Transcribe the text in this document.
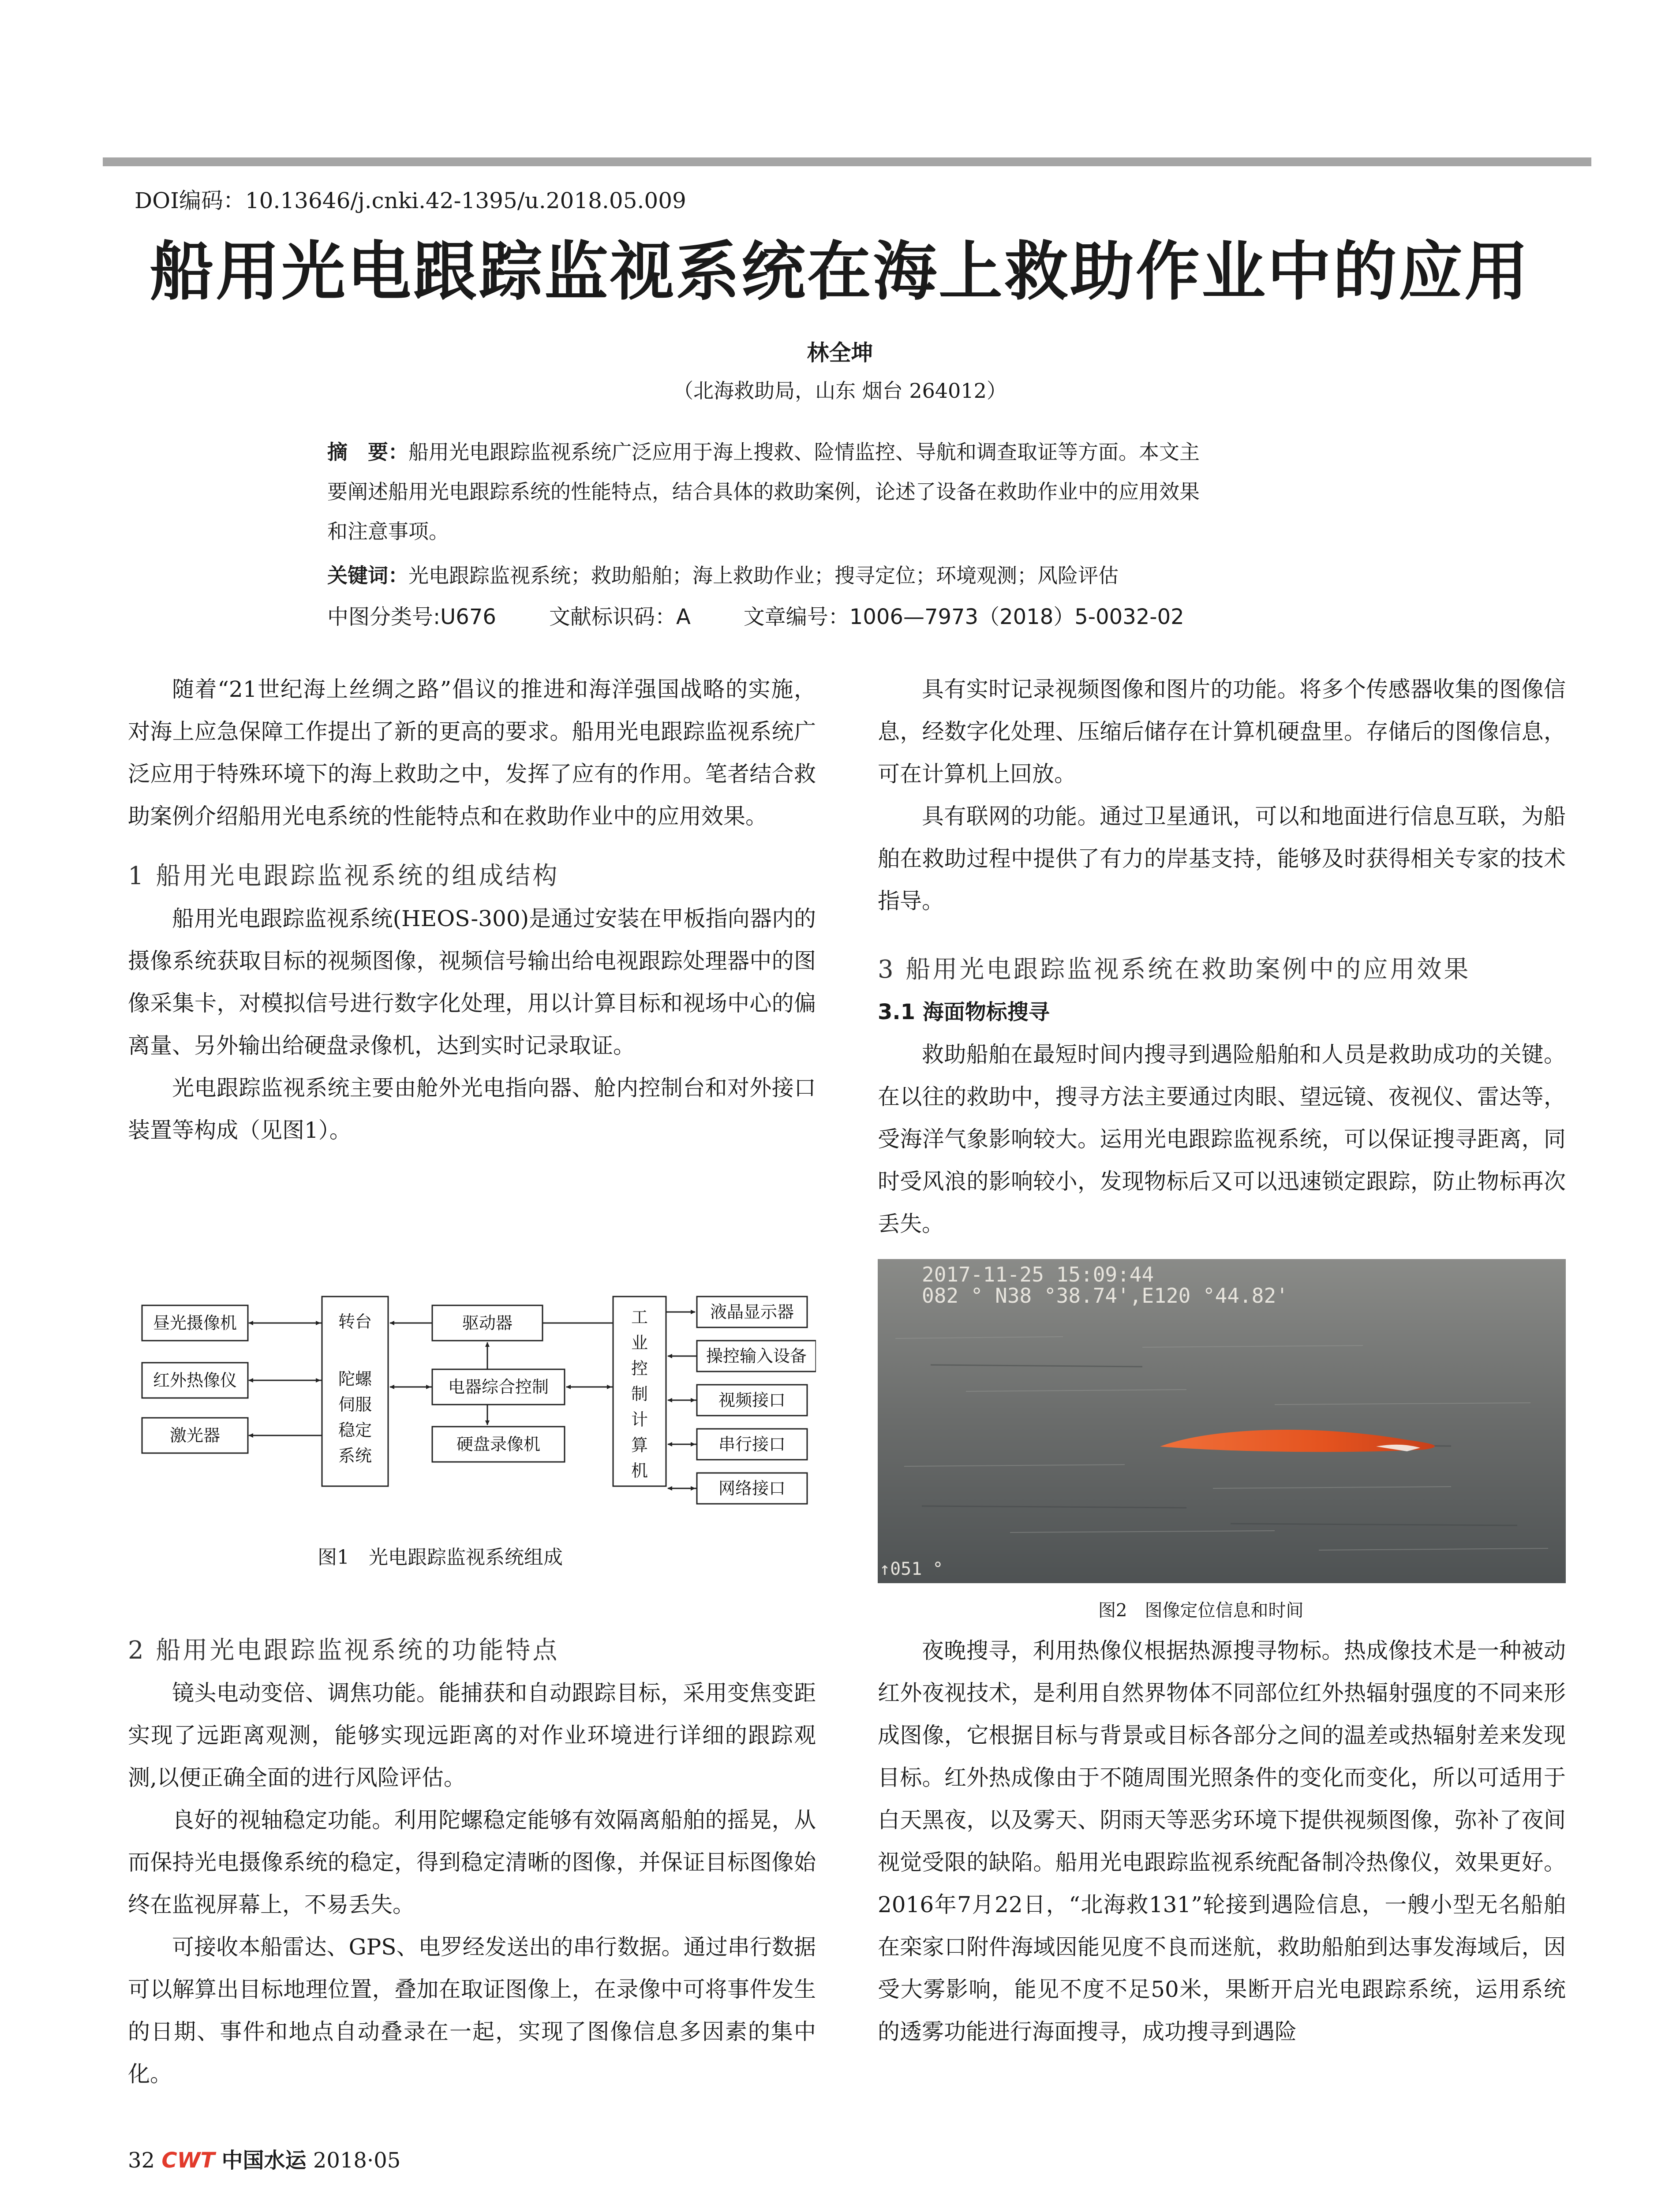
DOI编码：10.13646/j.cnki.42-1395/u.2018.05.009
船用光电跟踪监视系统在海上救助作业中的应用
林全坤
（北海救助局，山东 烟台 264012）
摘　要：船用光电跟踪监视系统广泛应用于海上搜救、险情监控、导航和调查取证等方面。本文主
要阐述船用光电跟踪系统的性能特点，结合具体的救助案例，论述了设备在救助作业中的应用效果
和注意事项。
关键词：光电跟踪监视系统；救助船舶；海上救助作业；搜寻定位；环境观测；风险评估
中图分类号:U676	文献标识码：A	文章编号：1006—7973（2018）5-0032-02

随着“21世纪海上丝绸之路”倡议的推进和海洋强国战略的实施，对海上应急保障工作提出了新的更高的要求。船用光电跟踪监视系统广泛应用于特殊环境下的海上救助之中，发挥了应有的作用。笔者结合救助案例介绍船用光电系统的性能特点和在救助作业中的应用效果。

1 船用光电跟踪监视系统的组成结构

船用光电跟踪监视系统(HEOS-300)是通过安装在甲板指向器内的摄像系统获取目标的视频图像，视频信号输出给电视跟踪处理器中的图像采集卡，对模拟信号进行数字化处理，用以计算目标和视场中心的偏离量、另外输出给硬盘录像机，达到实时记录取证。

光电跟踪监视系统主要由舱外光电指向器、舱内控制台和对外接口装置等构成（见图1）。

昼光摄像机
红外热像仪
激光器
转台	驱动器
电器综合控制
硬盘录像机
液晶显示器
操控输入设备
视频接口
串行接口
网络接口
陀螺
伺服
稳定
系统
工
业
控
制
计
算
机
图1　光电跟踪监视系统组成

2 船用光电跟踪监视系统的功能特点

镜头电动变倍、调焦功能。能捕获和自动跟踪目标，采用变焦变距实现了远距离观测，能够实现远距离的对作业环境进行详细的跟踪观测,以便正确全面的进行风险评估。

良好的视轴稳定功能。利用陀螺稳定能够有效隔离船舶的摇晃，从而保持光电摄像系统的稳定，得到稳定清晰的图像，并保证目标图像始终在监视屏幕上，不易丢失。

可接收本船雷达、GPS、电罗经发送出的串行数据。通过串行数据可以解算出目标地理位置，叠加在取证图像上，在录像中可将事件发生的日期、事件和地点自动叠录在一起，实现了图像信息多因素的集中化。

具有实时记录视频图像和图片的功能。将多个传感器收集的图像信息，经数字化处理、压缩后储存在计算机硬盘里。存储后的图像信息，可在计算机上回放。

具有联网的功能。通过卫星通讯，可以和地面进行信息互联，为船舶在救助过程中提供了有力的岸基支持，能够及时获得相关专家的技术指导。

3 船用光电跟踪监视系统在救助案例中的应用效果

3.1 海面物标搜寻

救助船舶在最短时间内搜寻到遇险船舶和人员是救助成功的关键。在以往的救助中，搜寻方法主要通过肉眼、望远镜、夜视仪、雷达等，受海洋气象影响较大。运用光电跟踪监视系统，可以保证搜寻距离，同时受风浪的影响较小，发现物标后又可以迅速锁定跟踪，防止物标再次丢失。

2017-11-25 15:09:44
082 ° N38 °38.74',E120 °44.82'
↑051 °
图2　图像定位信息和时间

夜晚搜寻，利用热像仪根据热源搜寻物标。热成像技术是一种被动红外夜视技术，是利用自然界物体不同部位红外热辐射强度的不同来形成图像，它根据目标与背景或目标各部分之间的温差或热辐射差来发现目标。红外热成像由于不随周围光照条件的变化而变化，所以可适用于白天黑夜，以及雾天、阴雨天等恶劣环境下提供视频图像，弥补了夜间视觉受限的缺陷。船用光电跟踪监视系统配备制冷热像仪，效果更好。2016年7月22日，“北海救131”轮接到遇险信息，一艘小型无名船舶在栾家口附件海域因能见度不良而迷航，救助船舶到达事发海域后，因受大雾影响，能见不度不足50米，果断开启光电跟踪系统，运用系统的透雾功能进行海面搜寻，成功搜寻到遇险

32 CWT 中国水运 2018·05
